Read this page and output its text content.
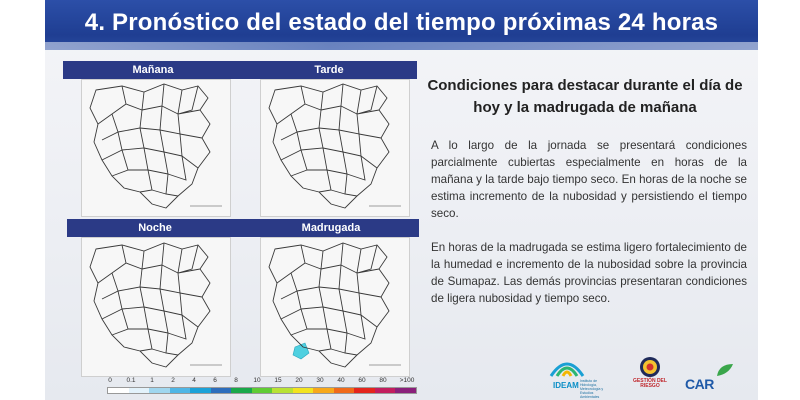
4. Pronóstico del estado del tiempo próximas 24 horas
Mañana	Tarde
Noche	Madrugada
0 0.1 1	2	4	6	8 10 15 20 30 40 60 80 >100
Condiciones para destacar durante el día de hoy y la madrugada de mañana
A lo largo de la jornada se presentará condiciones parcialmente cubiertas especialmente en horas de la mañana y la tarde bajo tiempo seco. En horas de la noche se estima incremento de la nubosidad y persistiendo el tiempo seco.
En horas de la madrugada se estima ligero fortalecimiento de la humedad e incremento de la nubosidad sobre la provincia de Sumapaz. Las demás provincias presentaran condiciones de ligera nubosidad y tiempo seco.
IDEAM Instituto de Hidrología, Meteorología y Estudios Ambientales
GESTIÓN DEL RIESGO	CAR
